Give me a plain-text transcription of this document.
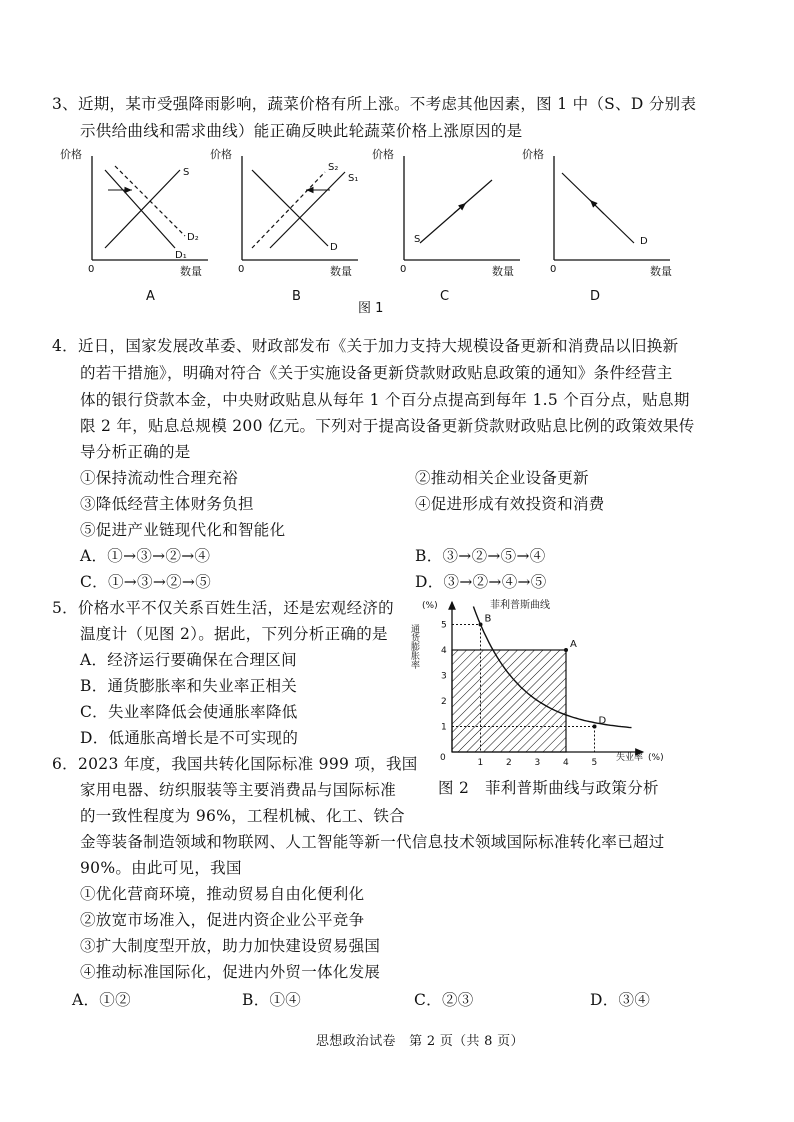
3、近期，某市受强降雨影响，蔬菜价格有所上涨。不考虑其他因素，图 1 中（S、D 分别表
示供给曲线和需求曲线）能正确反映此轮蔬菜价格上涨原因的是
价格
数量
0
S
D₂
D₁
A
价格
数量
0
S₂
S₁
D
B
价格
数量
0
S
C
价格
数量
0
D
D
图 1
4．近日，国家发展改革委、财政部发布《关于加力支持大规模设备更新和消费品以旧换新
的若干措施》，明确对符合《关于实施设备更新贷款财政贴息政策的通知》条件经营主
体的银行贷款本金，中央财政贴息从每年 1 个百分点提高到每年 1.5 个百分点，贴息期
限 2 年，贴息总规模 200 亿元。下列对于提高设备更新贷款财政贴息比例的政策效果传
导分析正确的是
①保持流动性合理充裕	②推动相关企业设备更新
③降低经营主体财务负担	④促进形成有效投资和消费
⑤促进产业链现代化和智能化
A．①→③→②→④	B．③→②→⑤→④
C．①→③→②→⑤	D．③→②→④→⑤
5．价格水平不仅关系百姓生活，还是宏观经济的
温度计（见图 2）。据此，下列分析正确的是
A．经济运行要确保在合理区间
B．通货膨胀率和失业率正相关
C．失业率降低会使通胀率降低
D．低通胀高增长是不可实现的
(%)
通货膨胀率
菲利普斯曲线
失业率 (%)
0	1	2	3	4	5
1
2
3
4
5
B
A
D
图 2　菲利普斯曲线与政策分析
6．2023 年度，我国共转化国际标准 999 项，我国
家用电器、纺织服装等主要消费品与国际标准
的一致性程度为 96%，工程机械、化工、铁合
金等装备制造领域和物联网、人工智能等新一代信息技术领域国际标准转化率已超过
90%。由此可见，我国
①优化营商环境，推动贸易自由化便利化
②放宽市场准入，促进内资企业公平竞争
③扩大制度型开放，助力加快建设贸易强国
④推动标准国际化，促进内外贸一体化发展
A．①②	B．①④	C．②③	D．③④
思想政治试卷　第 2 页（共 8 页）
